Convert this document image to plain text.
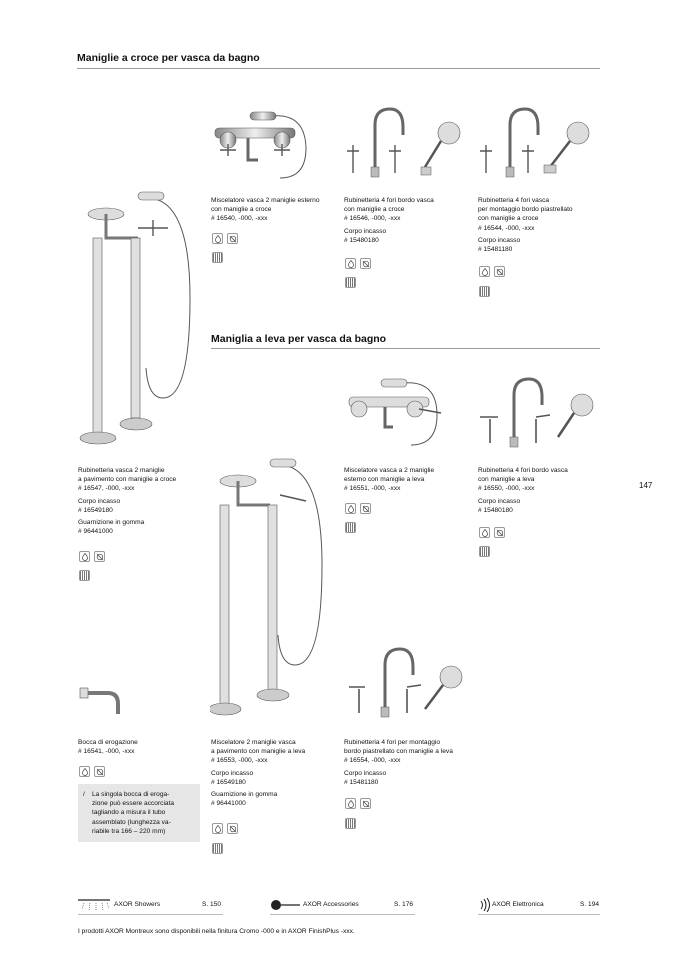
Maniglie a croce per vasca da bagno
Maniglia a leva per vasca da bagno
Miscelatore vasca 2 maniglie esterno
con maniglie a croce
# 16540, -000, -xxx
Rubinetteria 4 fori bordo vasca
con maniglie a croce
# 16546, -000, -xxx
Corpo incasso
# 15480180
Rubinetteria 4 fori vasca
per montaggio bordo piastrellato
con maniglie a croce
# 16544, -000, -xxx
Corpo incasso
# 15481180
Rubinetteria vasca 2 maniglie
a pavimento con maniglie a croce
# 16547, -000, -xxx
Corpo incasso
# 16549180
Guarnizione in gomma
# 96441000
Miscelatore vasca a 2 maniglie
esterno con maniglie a leva
# 16551, -000, -xxx
Rubinetteria 4 fori bordo vasca
con maniglie a leva
# 16550, -000, -xxx
Corpo incasso
# 15480180
147
Bocca di erogazione
# 16541, -000, -xxx
/ La singola bocca di eroga-
zione può essere accorciata
tagliando a misura il tubo
assemblato (lunghezza va-
riabile tra 166 – 220 mm)
Miscelatore 2 maniglie vasca
a pavimento con maniglie a leva
# 16553, -000, -xxx
Corpo incasso
# 16549180
Guarnizione in gomma
# 96441000
Rubinetteria 4 fori per montaggio
bordo piastrellato con maniglie a leva
# 16554, -000, -xxx
Corpo incasso
# 15481180
AXOR Showers	S. 150	AXOR Accessories	S. 176	AXOR Elettronica	S. 194
I prodotti AXOR Montreux sono disponibili nella finitura Cromo -000 e in AXOR FinishPlus -xxx.
